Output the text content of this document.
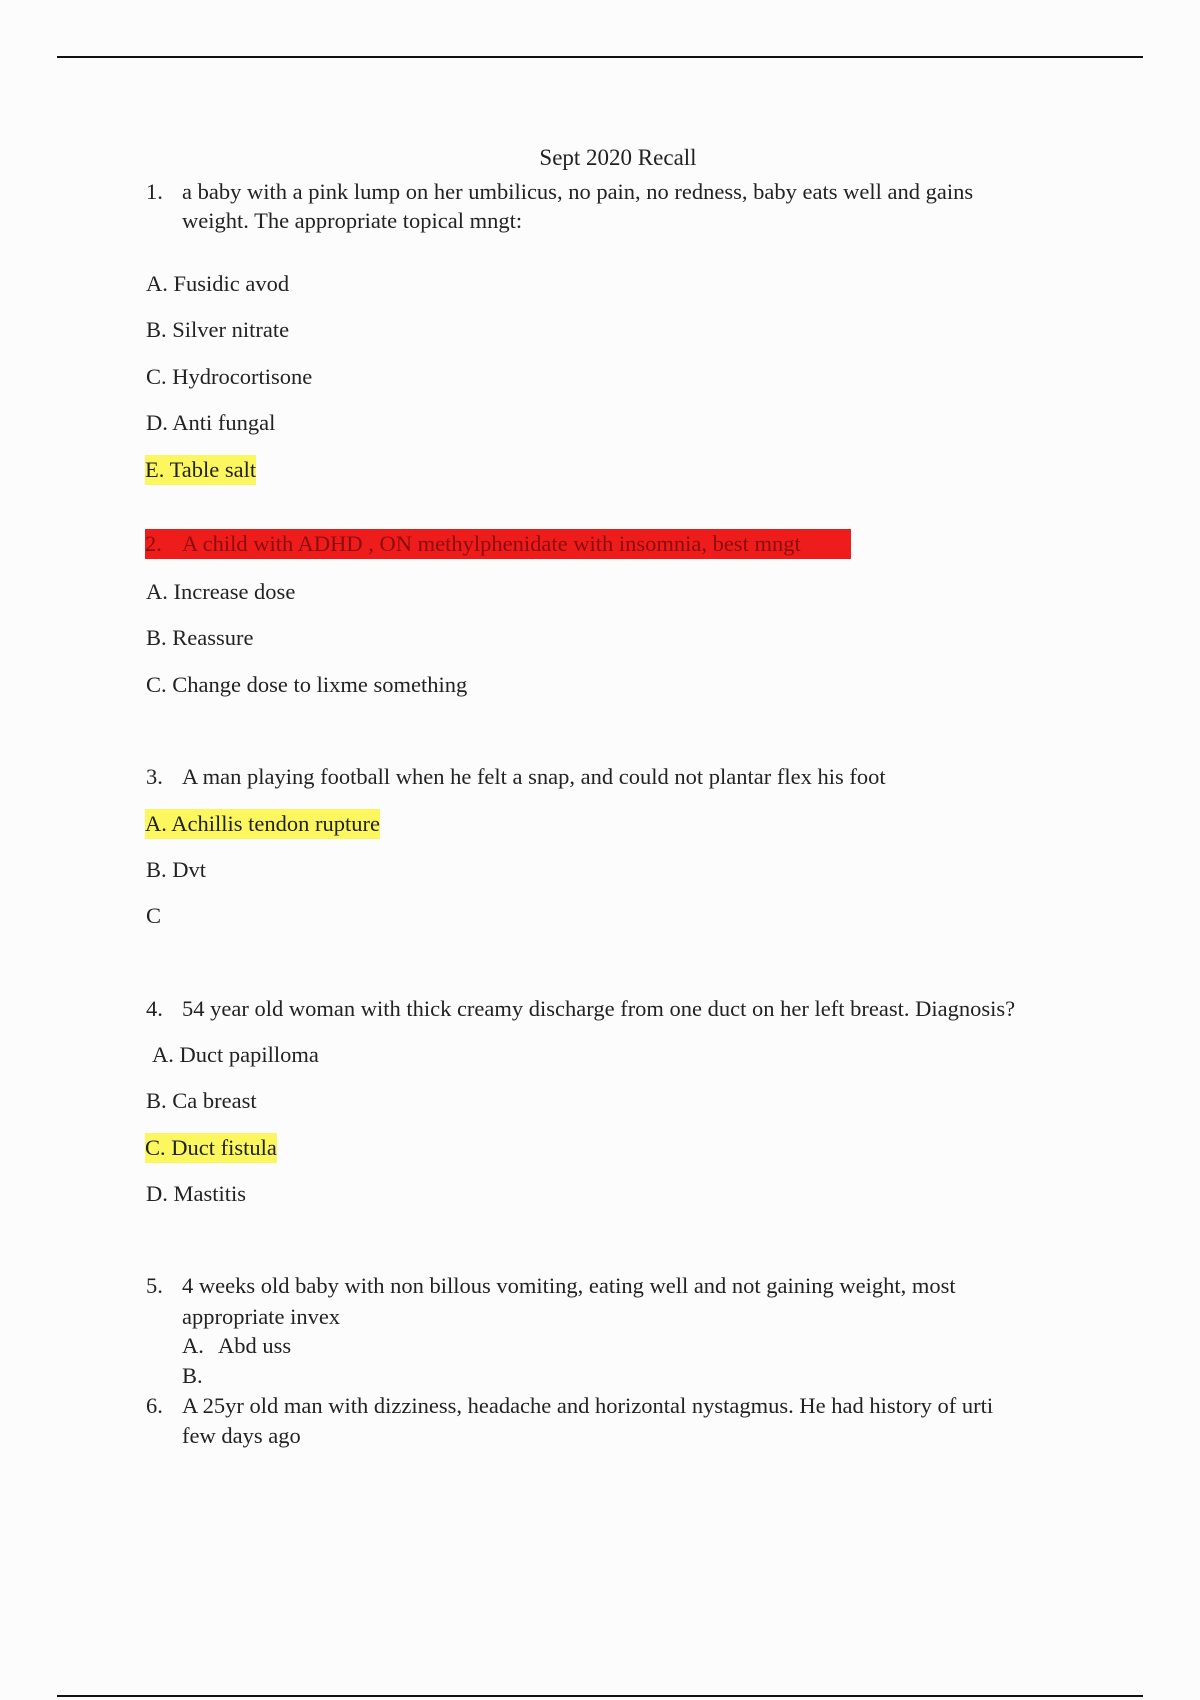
Sept 2020 Recall
1. a baby with a pink lump on her umbilicus, no pain, no redness, baby eats well and gains
weight. The appropriate topical mngt:
A. Fusidic avod
B. Silver nitrate
C. Hydrocortisone
D. Anti fungal
E. Table salt
2. A child with ADHD , ON methylphenidate with insomnia, best mngt
A. Increase dose
B. Reassure
C. Change dose to lixme something
3. A man playing football when he felt a snap, and could not plantar flex his foot
A. Achillis tendon rupture
B. Dvt
C
4. 54 year old woman with thick creamy discharge from one duct on her left breast. Diagnosis?
A. Duct papilloma
B. Ca breast
C. Duct fistula
D. Mastitis
5. 4 weeks old baby with non billous vomiting, eating well and not gaining weight, most
appropriate invex
A. Abd uss
B.
6. A 25yr old man with dizziness, headache and horizontal nystagmus. He had history of urti
few days ago
